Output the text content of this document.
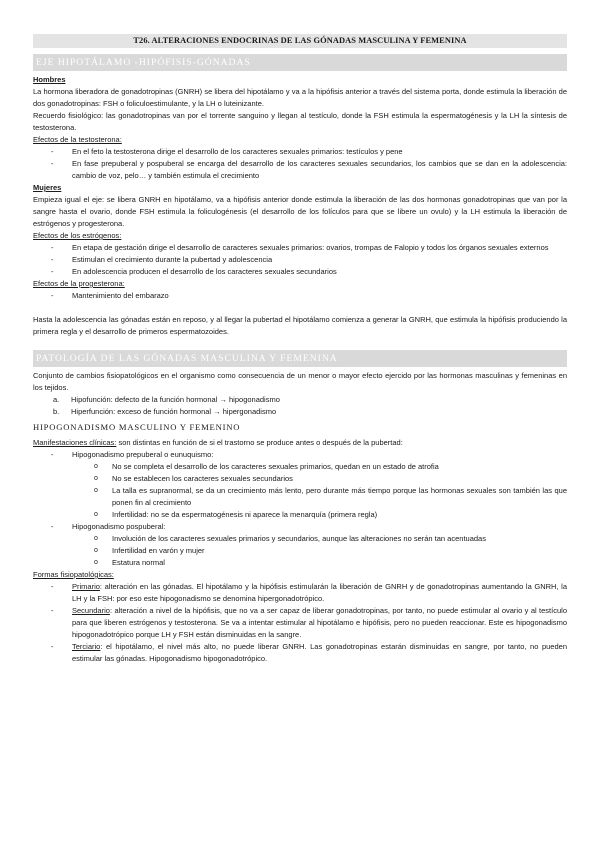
T26. ALTERACIONES ENDOCRINAS DE LAS GÓNADAS MASCULINA Y FEMENINA
EJE HIPOTÁLAMO -HIPÓFISIS-GÓNADAS
Hombres

La hormona liberadora de gonadotropinas (GNRH) se libera del hipotálamo y va a la hipófisis anterior a través del sistema porta, donde estimula la liberación de dos gonadotropinas: FSH o foliculoestimulante, y la LH o luteinizante.

Recuerdo fisiológico: las gonadotropinas van por el torrente sanguino y llegan al testículo, donde la FSH estimula la espermatogénesis y la LH la síntesis de testosterona.

Efectos de la testosterona:
- En el feto la testosterona dirige el desarrollo de los caracteres sexuales primarios: testículos y pene
- En fase prepuberal y pospuberal se encarga del desarrollo de los caracteres sexuales secundarios, los cambios que se dan en la adolescencia: cambio de voz, pelo… y también estimula el crecimiento
Mujeres

Empieza igual el eje: se libera GNRH en hipotálamo, va a hipófisis anterior donde estimula la liberación de las dos hormonas gonadotropinas que van por la sangre hasta el ovario, donde FSH estimula la foliculogénesis (el desarrollo de los folículos para que se libere un ovulo) y la LH estimula la liberación de estrógenos y progesterona.

Efectos de los estrógenos:
- En etapa de gestación dirige el desarrollo de caracteres sexuales primarios: ovarios, trompas de Falopio y todos los órganos sexuales externos
- Estimulan el crecimiento durante la pubertad y adolescencia
- En adolescencia producen el desarrollo de los caracteres sexuales secundarios
Efectos de la progesterona:
- Mantenimiento del embarazo

Hasta la adolescencia las gónadas están en reposo, y al llegar la pubertad el hipotálamo comienza a generar la GNRH, que estimula la hipófisis produciendo la primera regla y el desarrollo de primeros espermatozoides.

PATOLOGÍA DE LAS GÓNADAS MASCULINA Y FEMENINA

Conjunto de cambios fisiopatológicos en el organismo como consecuencia de un menor o mayor efecto ejercido por las hormonas masculinas y femeninas en los tejidos.

a. Hipofunción: defecto de la función hormonal → hipogonadismo
b. Hiperfunción: exceso de función hormonal → hipergonadismo
HIPOGONADISMO MASCULINO Y FEMENINO

Manifestaciones clínicas: son distintas en función de si el trastorno se produce antes o después de la pubertad:

- Hipogonadismo prepuberal o eunuquismo:
o No se completa el desarrollo de los caracteres sexuales primarios, quedan en un estado de atrofia
o No se establecen los caracteres sexuales secundarios
o La talla es supranormal, se da un crecimiento más lento, pero durante más tiempo porque las hormonas sexuales son también las que ponen fin al crecimiento
o Infertilidad: no se da espermatogénesis ni aparece la menarquía (primera regla)
- Hipogonadismo pospuberal:
o Involución de los caracteres sexuales primarios y secundarios, aunque las alteraciones no serán tan acentuadas
o Infertilidad en varón y mujer
o Estatura normal
Formas fisiopatológicas:
- Primario: alteración en las gónadas. El hipotálamo y la hipófisis estimularán la liberación de GNRH y de gonadotropinas aumentando la GNRH, la LH y la FSH: por eso este hipogonadismo se denomina hipergonadotrópico.
- Secundario: alteración a nivel de la hipófisis, que no va a ser capaz de liberar gonadotropinas, por tanto, no puede estimular al ovario y al testículo para que liberen estrógenos y testosterona. Se va a intentar estimular al hipotálamo e hipófisis, pero no pueden reaccionar. Este es hipogonadismo hipogonadotrópico porque LH y FSH están disminuidas en la sangre.
- Terciario: el hipotálamo, el nivel más alto, no puede liberar GNRH. Las gonadotropinas estarán disminuidas en sangre, por tanto, no pueden estimular las gónadas. Hipogonadismo hipogonadotrópico.
